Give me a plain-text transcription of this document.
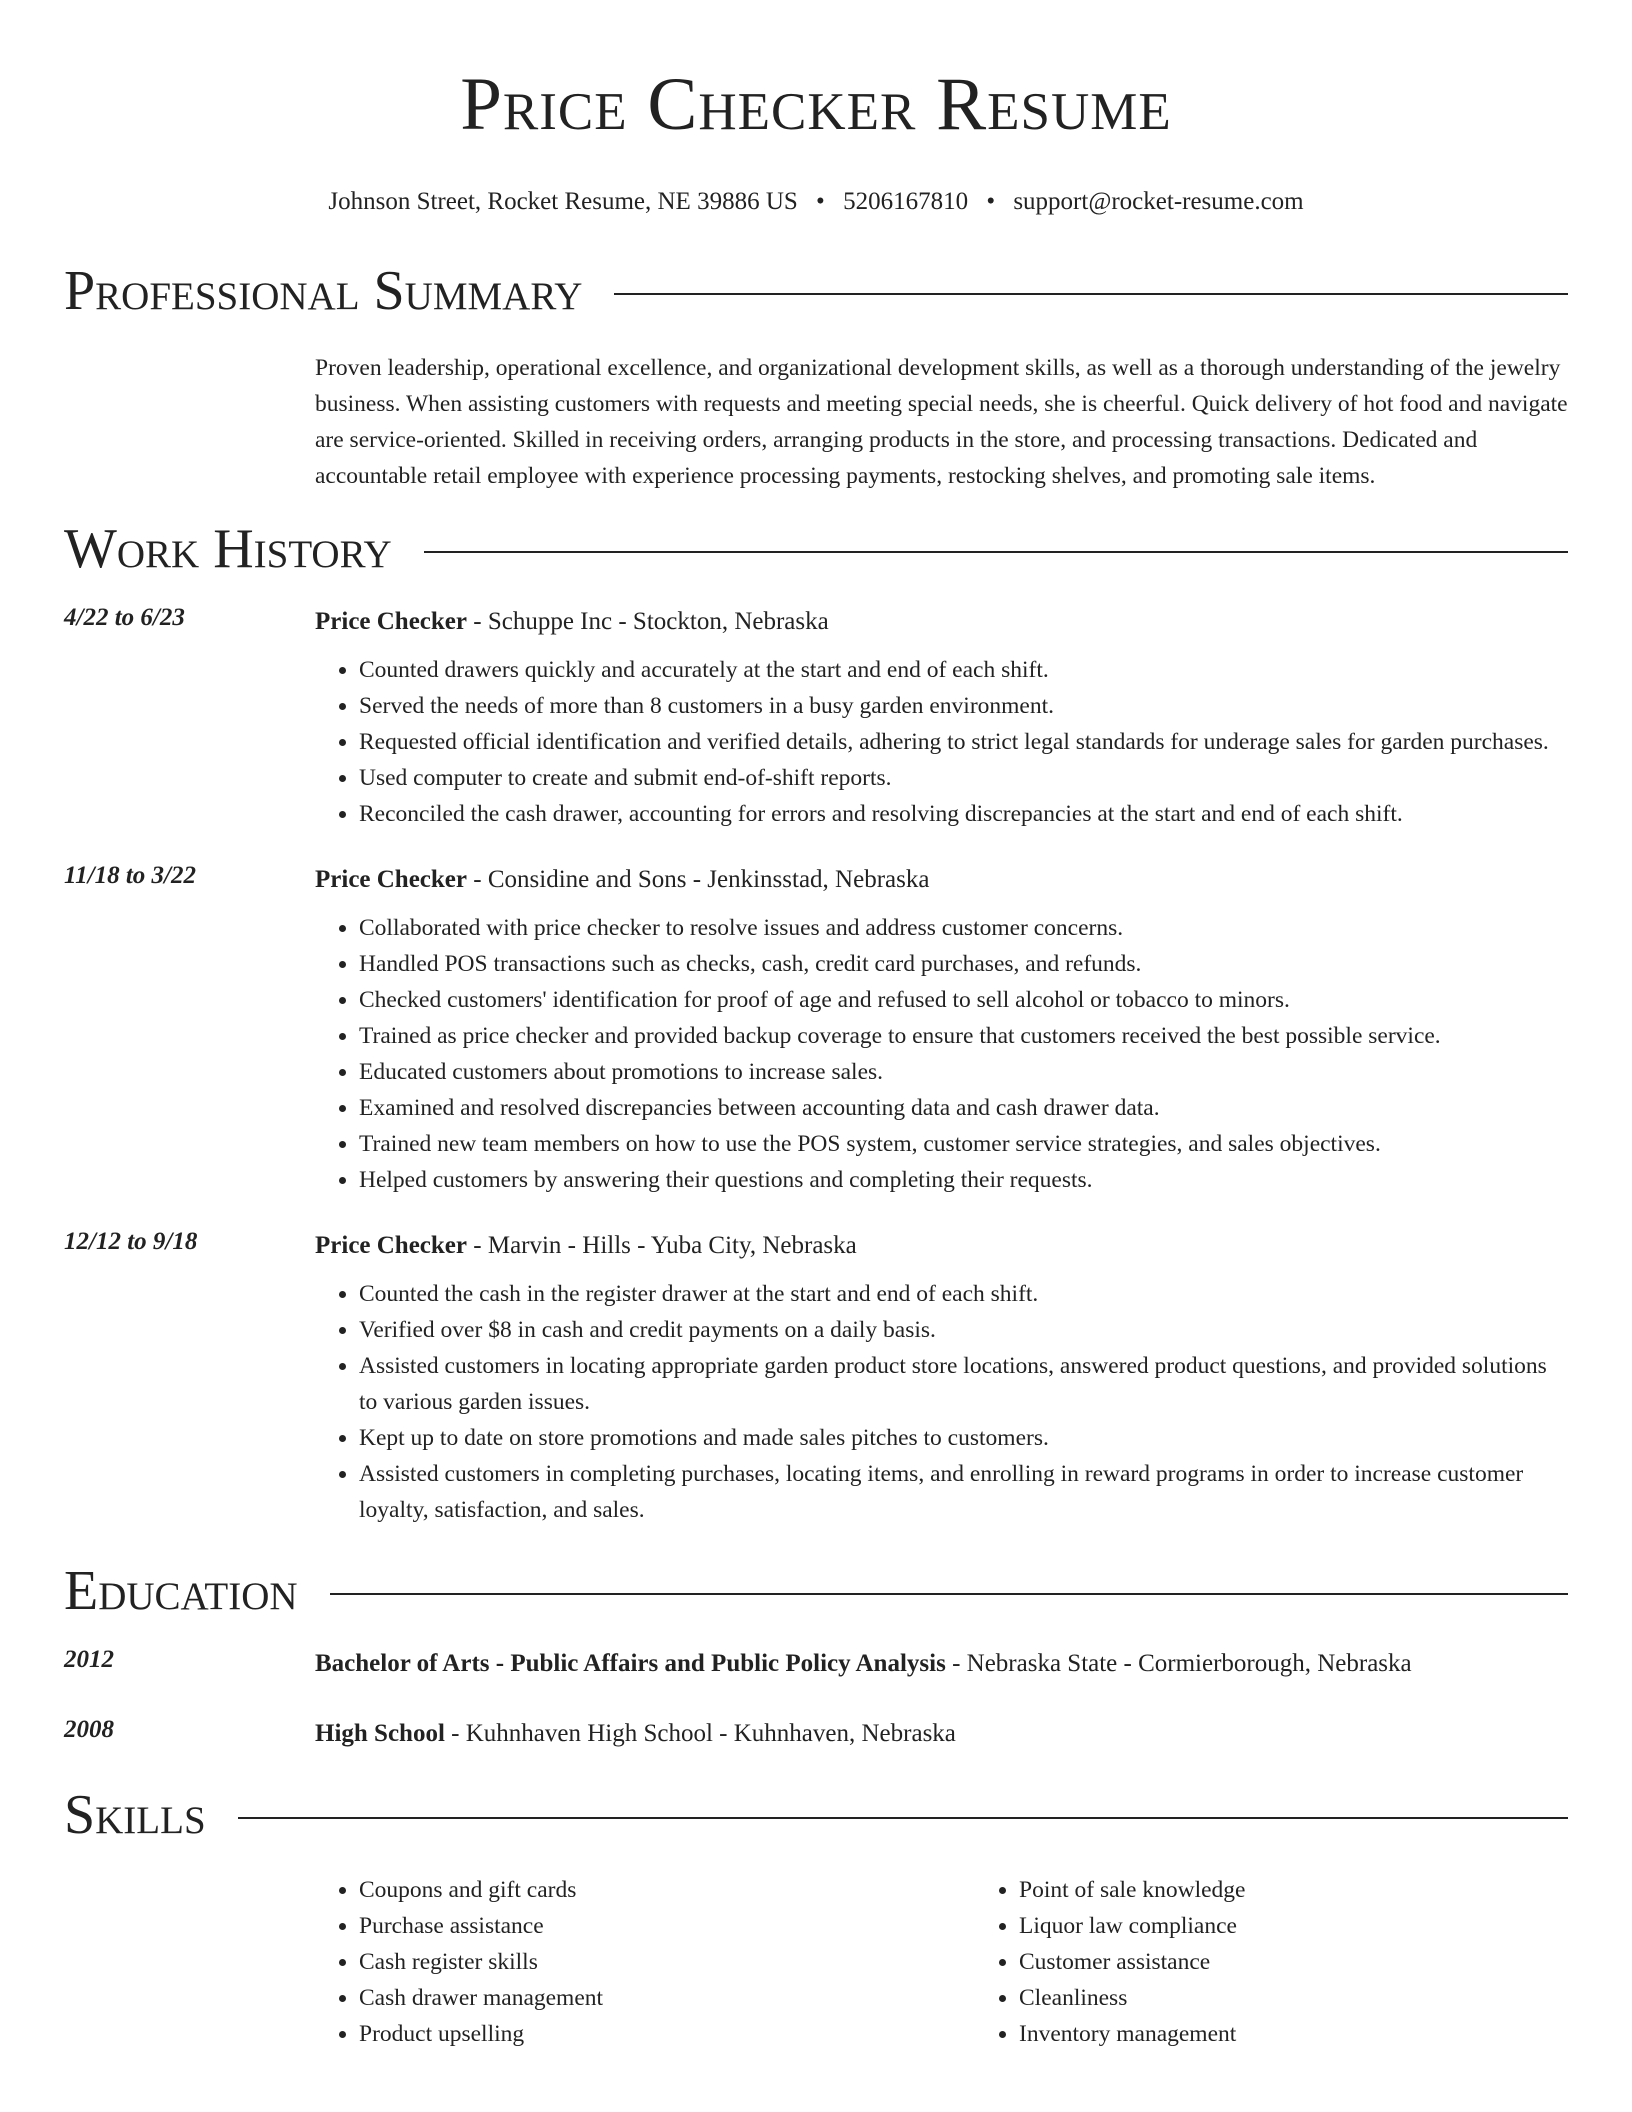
Price Checker Resume
Johnson Street, Rocket Resume, NE 39886 US • 5206167810 • support@rocket-resume.com
Professional Summary
Proven leadership, operational excellence, and organizational development skills, as well as a thorough understanding of the jewelry business. When assisting customers with requests and meeting special needs, she is cheerful. Quick delivery of hot food and navigate are service-oriented. Skilled in receiving orders, arranging products in the store, and processing transactions. Dedicated and accountable retail employee with experience processing payments, restocking shelves, and promoting sale items.
Work History
4/22 to 6/23	Price Checker - Schuppe Inc - Stockton, Nebraska
• Counted drawers quickly and accurately at the start and end of each shift.
• Served the needs of more than 8 customers in a busy garden environment.
• Requested official identification and verified details, adhering to strict legal standards for underage sales for garden purchases.
• Used computer to create and submit end-of-shift reports.
• Reconciled the cash drawer, accounting for errors and resolving discrepancies at the start and end of each shift.
11/18 to 3/22	Price Checker - Considine and Sons - Jenkinsstad, Nebraska
• Collaborated with price checker to resolve issues and address customer concerns.
• Handled POS transactions such as checks, cash, credit card purchases, and refunds.
• Checked customers' identification for proof of age and refused to sell alcohol or tobacco to minors.
• Trained as price checker and provided backup coverage to ensure that customers received the best possible service.
• Educated customers about promotions to increase sales.
• Examined and resolved discrepancies between accounting data and cash drawer data.
• Trained new team members on how to use the POS system, customer service strategies, and sales objectives.
• Helped customers by answering their questions and completing their requests.
12/12 to 9/18	Price Checker - Marvin - Hills - Yuba City, Nebraska
• Counted the cash in the register drawer at the start and end of each shift.
• Verified over $8 in cash and credit payments on a daily basis.
• Assisted customers in locating appropriate garden product store locations, answered product questions, and provided solutions to various garden issues.
• Kept up to date on store promotions and made sales pitches to customers.
• Assisted customers in completing purchases, locating items, and enrolling in reward programs in order to increase customer loyalty, satisfaction, and sales.
Education
2012	Bachelor of Arts - Public Affairs and Public Policy Analysis - Nebraska State - Cormierborough, Nebraska
2008	High School - Kuhnhaven High School - Kuhnhaven, Nebraska
Skills
• Coupons and gift cards
• Purchase assistance
• Cash register skills
• Cash drawer management
• Product upselling
• Point of sale knowledge
• Liquor law compliance
• Customer assistance
• Cleanliness
• Inventory management
